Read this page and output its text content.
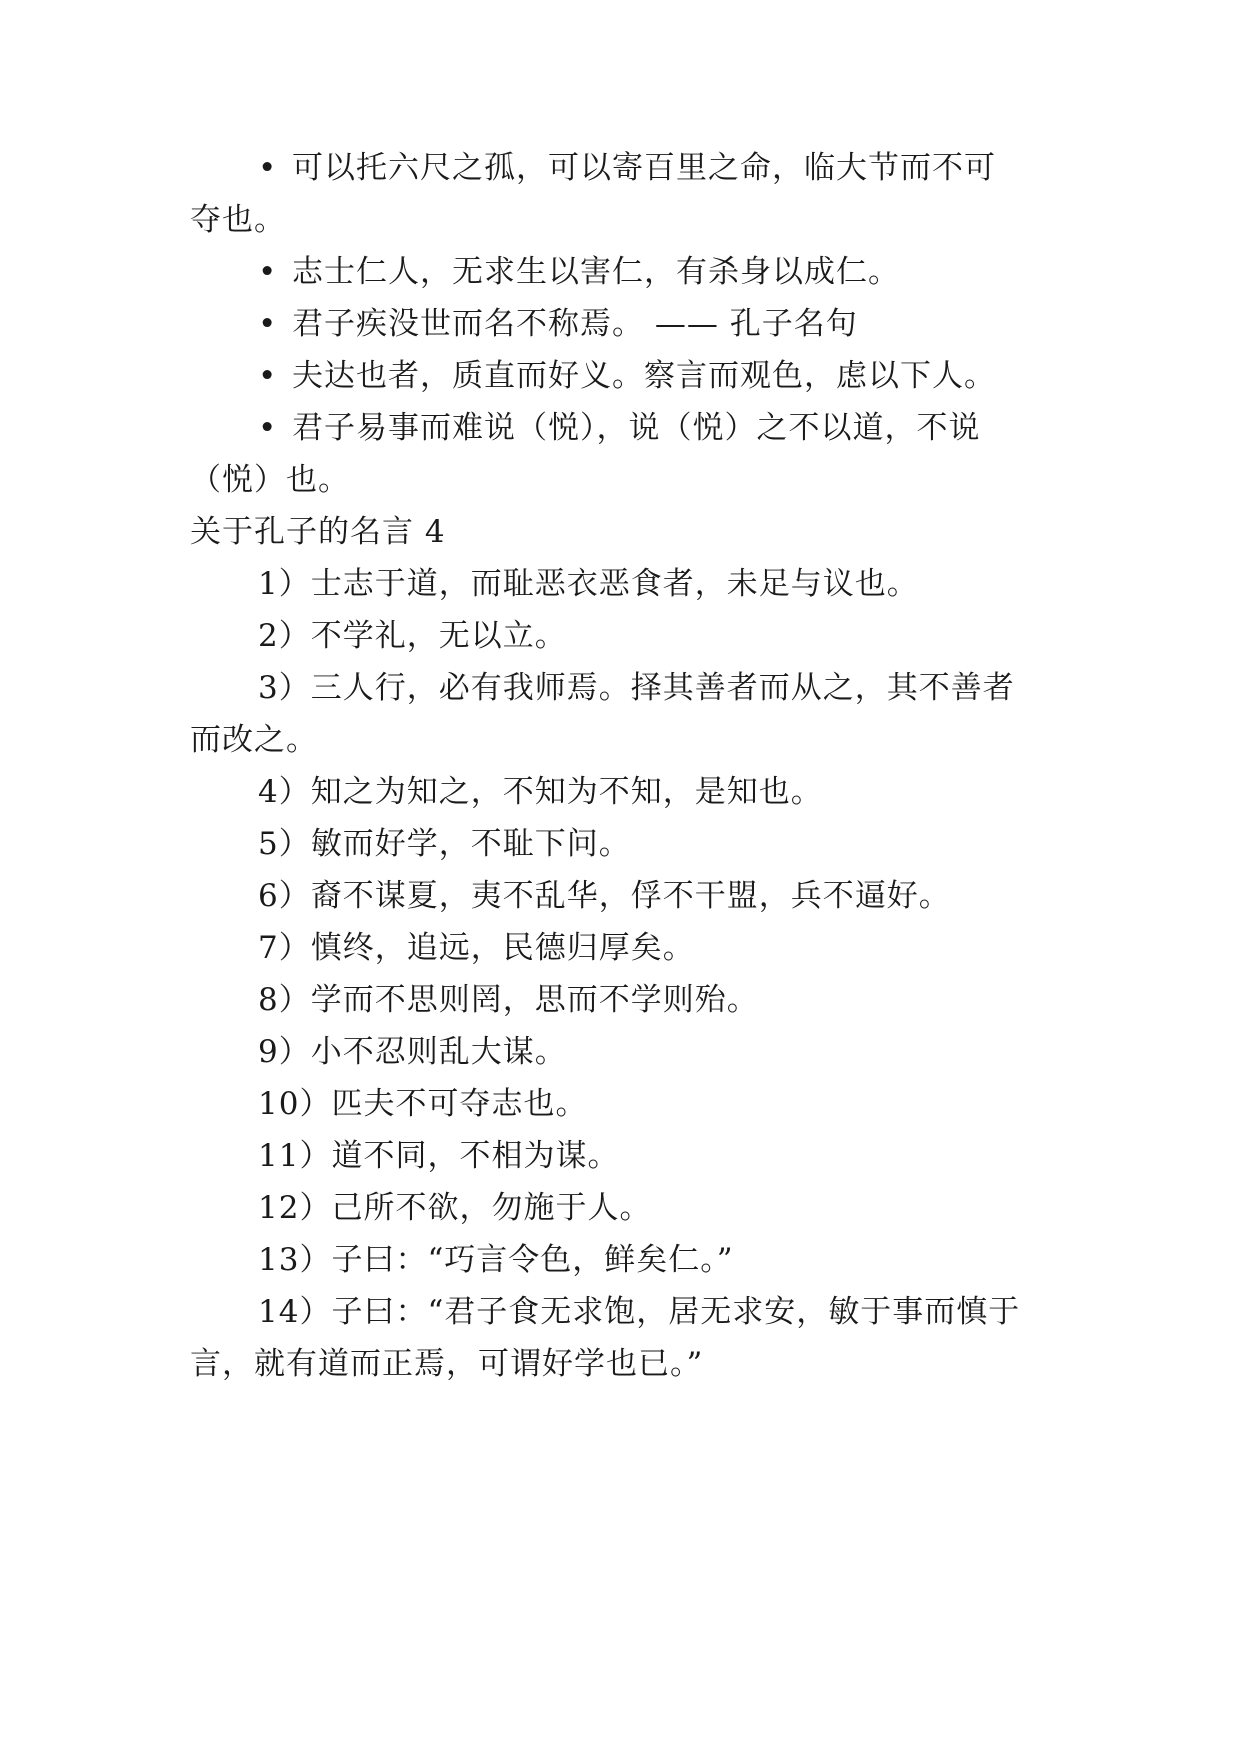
• 可以托六尺之孤，可以寄百里之命，临大节而不可
夺也。
• 志士仁人，无求生以害仁，有杀身以成仁。
• 君子疾没世而名不称焉。 —— 孔子名句
• 夫达也者，质直而好义。察言而观色，虑以下人。
• 君子易事而难说（悦），说（悦）之不以道，不说
（悦）也。
关于孔子的名言 4
1）士志于道，而耻恶衣恶食者，未足与议也。
2）不学礼，无以立。
3）三人行，必有我师焉。择其善者而从之，其不善者
而改之。
4）知之为知之，不知为不知，是知也。
5）敏而好学，不耻下问。
6）裔不谋夏，夷不乱华，俘不干盟，兵不逼好。
7）慎终，追远，民德归厚矣。
8）学而不思则罔，思而不学则殆。
9）小不忍则乱大谋。
10）匹夫不可夺志也。
11）道不同，不相为谋。
12）己所不欲，勿施于人。
13）子曰：“巧言令色，鲜矣仁。”
14）子曰：“君子食无求饱，居无求安，敏于事而慎于
言，就有道而正焉，可谓好学也已。”
